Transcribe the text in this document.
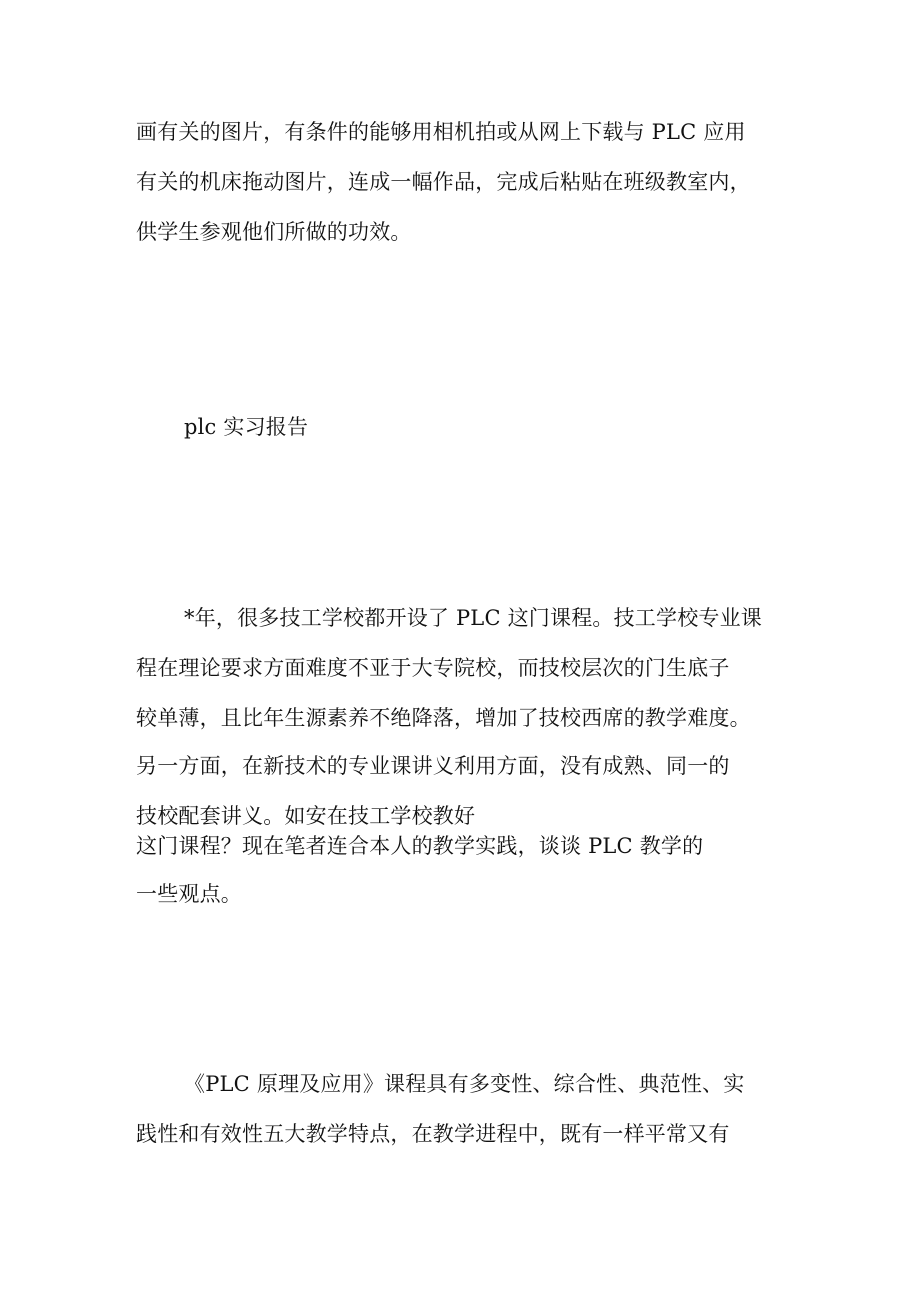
画有关的图片，有条件的能够用相机拍或从网上下载与 PLC 应用
有关的机床拖动图片，连成一幅作品，完成后粘贴在班级教室内，
供学生参观他们所做的功效。
plc 实习报告
*年，很多技工学校都开设了 PLC 这门课程。技工学校专业课
程在理论要求方面难度不亚于大专院校，而技校层次的门生底子
较单薄，且比年生源素养不绝降落，增加了技校西席的教学难度。
另一方面，在新技术的专业课讲义利用方面，没有成熟、同一的
技校配套讲义。如安在技工学校教好
这门课程？现在笔者连合本人的教学实践，谈谈 PLC 教学的
一些观点。
《PLC 原理及应用》课程具有多变性、综合性、典范性、实
践性和有效性五大教学特点，在教学进程中，既有一样平常又有
